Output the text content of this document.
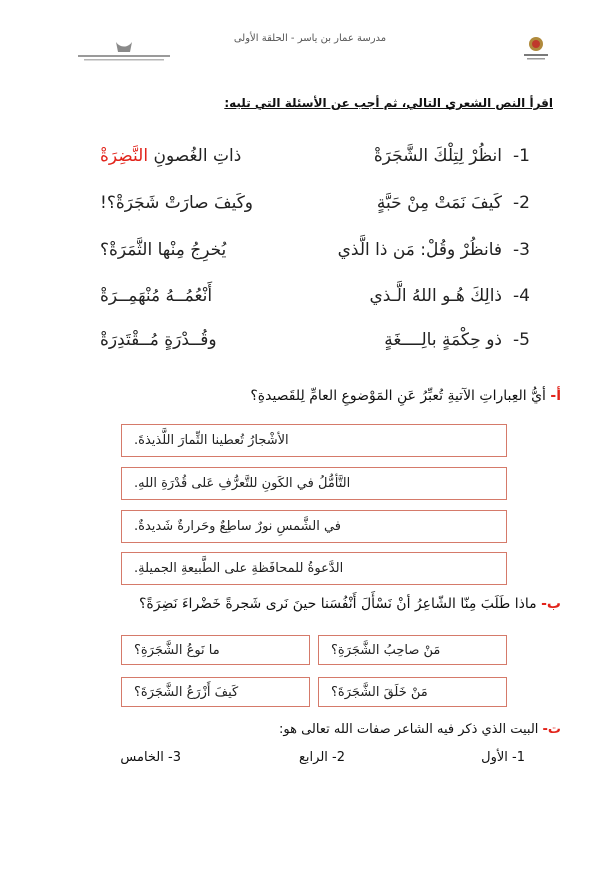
مدرسة عمار بن ياسر - الحلقة الأولى
اقرأ النص الشعري التالي، ثم أجب عن الأسئلة التي تليه:
1-
انظُرْ لِتِلْكَ الشَّجَرَةْ
ذاتِ الغُصونِ النَّضِرَةْ
2-
كَيفَ نَمَتْ مِنْ حَبَّةٍ
وكَيفَ صارَتْ شَجَرَةْ؟!
3-
فانظُرْ وقُلْ: مَن ذا الَّذي
يُخرِجُ مِنْها الثَّمَرَةْ؟
4-
ذالِكَ هُـو اللهُ الَّـذي
أَنْعُمُــهُ مُنْهَمِــرَةْ
5-
ذو حِكْمَةٍ بالِــــغَةٍ
وقُــدْرَةٍ مُــقْتَدِرَةْ
أ- أيُّ العِباراتِ الآتيةِ تُعبِّرُ عَنِ المَوْضوعِ العامِّ لِلقَصيدةِ؟
الأشْجارُ تُعطينا الثِّمارَ اللَّذيذةَ.
التَّأمُّلُ في الكَونِ للتَّعرُّفِ عَلى قُدْرَةِ اللهِ.
في الشَّمسِ نورٌ ساطِعٌ وحَرارةٌ شَديدةٌ.
الدَّعوةُ للمحافَظةِ على الطَّبيعةِ الجميلةِ.
ب- ماذا طَلَبَ مِنّا الشّاعِرُ أنْ نَسْأَلَ أَنْفُسَنا حينَ نَرى شَجرةً خَضْراءَ نَضِرَةً؟
مَنْ صاحِبُ الشَّجَرَةِ؟
ما نَوعُ الشَّجَرَةِ؟
مَنْ خَلَقَ الشَّجَرَةَ؟
كَيفَ أَزْرَعُ الشَّجَرَةَ؟
ت- البيت الذي ذكر فيه الشاعر صفات الله تعالى هو:
1- الأول
2- الرابع
3- الخامس
